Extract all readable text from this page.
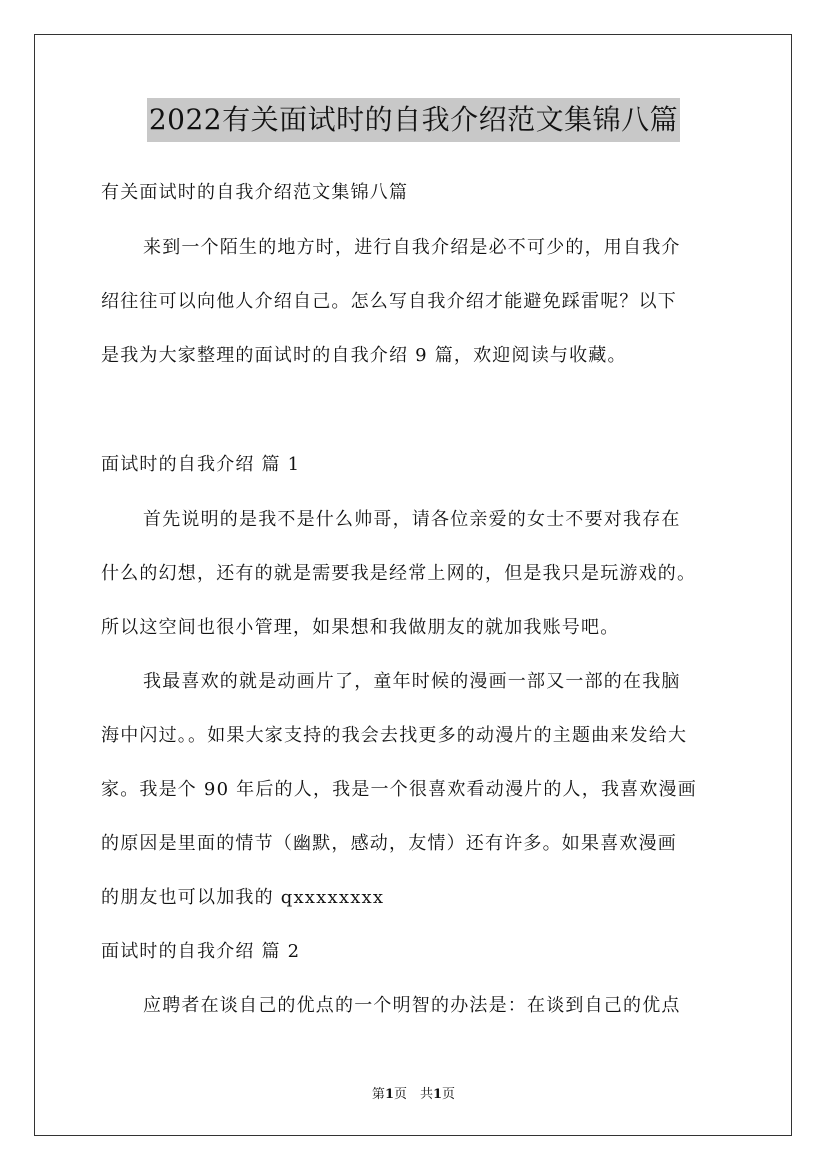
2022有关面试时的自我介绍范文集锦八篇
有关面试时的自我介绍范文集锦八篇
来到一个陌生的地方时，进行自我介绍是必不可少的，用自我介
绍往往可以向他人介绍自己。怎么写自我介绍才能避免踩雷呢？以下
是我为大家整理的面试时的自我介绍 9 篇，欢迎阅读与收藏。
面试时的自我介绍 篇 1
首先说明的是我不是什么帅哥，请各位亲爱的女士不要对我存在
什么的幻想，还有的就是需要我是经常上网的，但是我只是玩游戏的。
所以这空间也很小管理，如果想和我做朋友的就加我账号吧。
我最喜欢的就是动画片了，童年时候的漫画一部又一部的在我脑
海中闪过。。如果大家支持的我会去找更多的动漫片的主题曲来发给大
家。我是个 90 年后的人，我是一个很喜欢看动漫片的人，我喜欢漫画
的原因是里面的情节（幽默，感动，友情）还有许多。如果喜欢漫画
的朋友也可以加我的 qxxxxxxxx
面试时的自我介绍 篇 2
应聘者在谈自己的优点的一个明智的办法是：在谈到自己的优点
第1页　共1页
